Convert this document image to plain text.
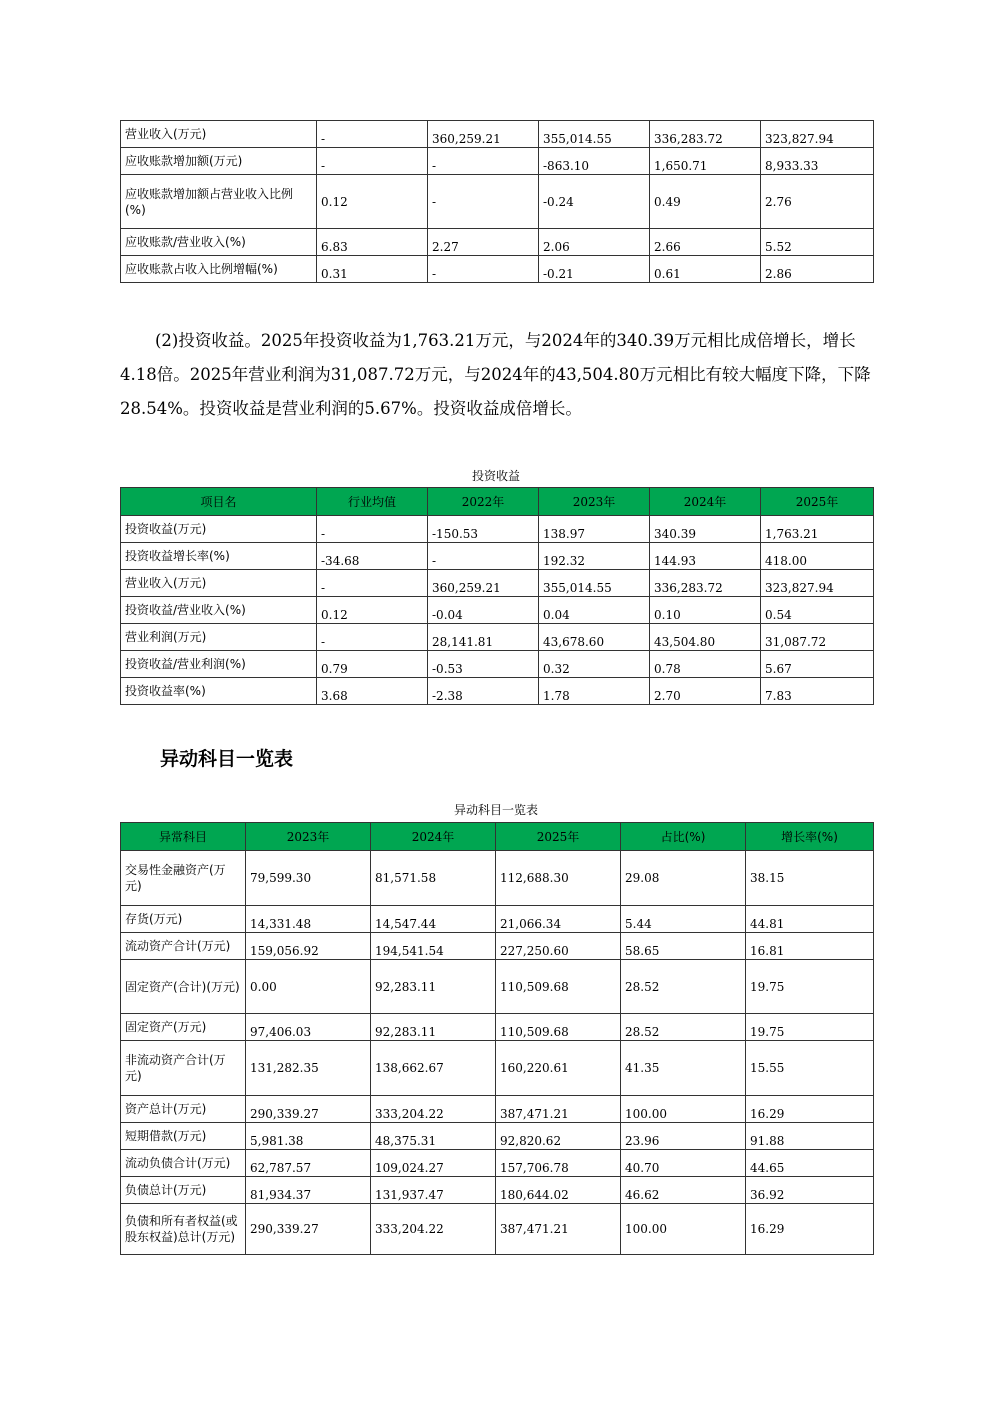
营业收入(万元)	-	360,259.21	355,014.55	336,283.72	323,827.94
应收账款增加额(万元)	-	-	-863.10	1,650.71	8,933.33
应收账款增加额占营业收入比例(%)	0.12	-	-0.24	0.49	2.76
应收账款/营业收入(%)	6.83	2.27	2.06	2.66	5.52
应收账款占收入比例增幅(%)	0.31	-	-0.21	0.61	2.86
(2)投资收益。2025年投资收益为1,763.21万元，与2024年的340.39万元相比成倍增长，增长4.18倍。2025年营业利润为31,087.72万元，与2024年的43,504.80万元相比有较大幅度下降，下降28.54%。投资收益是营业利润的5.67%。投资收益成倍增长。
投资收益
项目名	行业均值	2022年	2023年	2024年	2025年
投资收益(万元)	-	-150.53	138.97	340.39	1,763.21
投资收益增长率(%)	-34.68	-	192.32	144.93	418.00
营业收入(万元)	-	360,259.21	355,014.55	336,283.72	323,827.94
投资收益/营业收入(%)	0.12	-0.04	0.04	0.10	0.54
营业利润(万元)	-	28,141.81	43,678.60	43,504.80	31,087.72
投资收益/营业利润(%)	0.79	-0.53	0.32	0.78	5.67
投资收益率(%)	3.68	-2.38	1.78	2.70	7.83
异动科目一览表
异动科目一览表
异常科目	2023年	2024年	2025年	占比(%)	增长率(%)
交易性金融资产(万元)	79,599.30	81,571.58	112,688.30	29.08	38.15
存货(万元)	14,331.48	14,547.44	21,066.34	5.44	44.81
流动资产合计(万元)	159,056.92	194,541.54	227,250.60	58.65	16.81
固定资产(合计)(万元)	0.00	92,283.11	110,509.68	28.52	19.75
固定资产(万元)	97,406.03	92,283.11	110,509.68	28.52	19.75
非流动资产合计(万元)	131,282.35	138,662.67	160,220.61	41.35	15.55
资产总计(万元)	290,339.27	333,204.22	387,471.21	100.00	16.29
短期借款(万元)	5,981.38	48,375.31	92,820.62	23.96	91.88
流动负债合计(万元)	62,787.57	109,024.27	157,706.78	40.70	44.65
负债总计(万元)	81,934.37	131,937.47	180,644.02	46.62	36.92
负债和所有者权益(或股东权益)总计(万元)	290,339.27	333,204.22	387,471.21	100.00	16.29
